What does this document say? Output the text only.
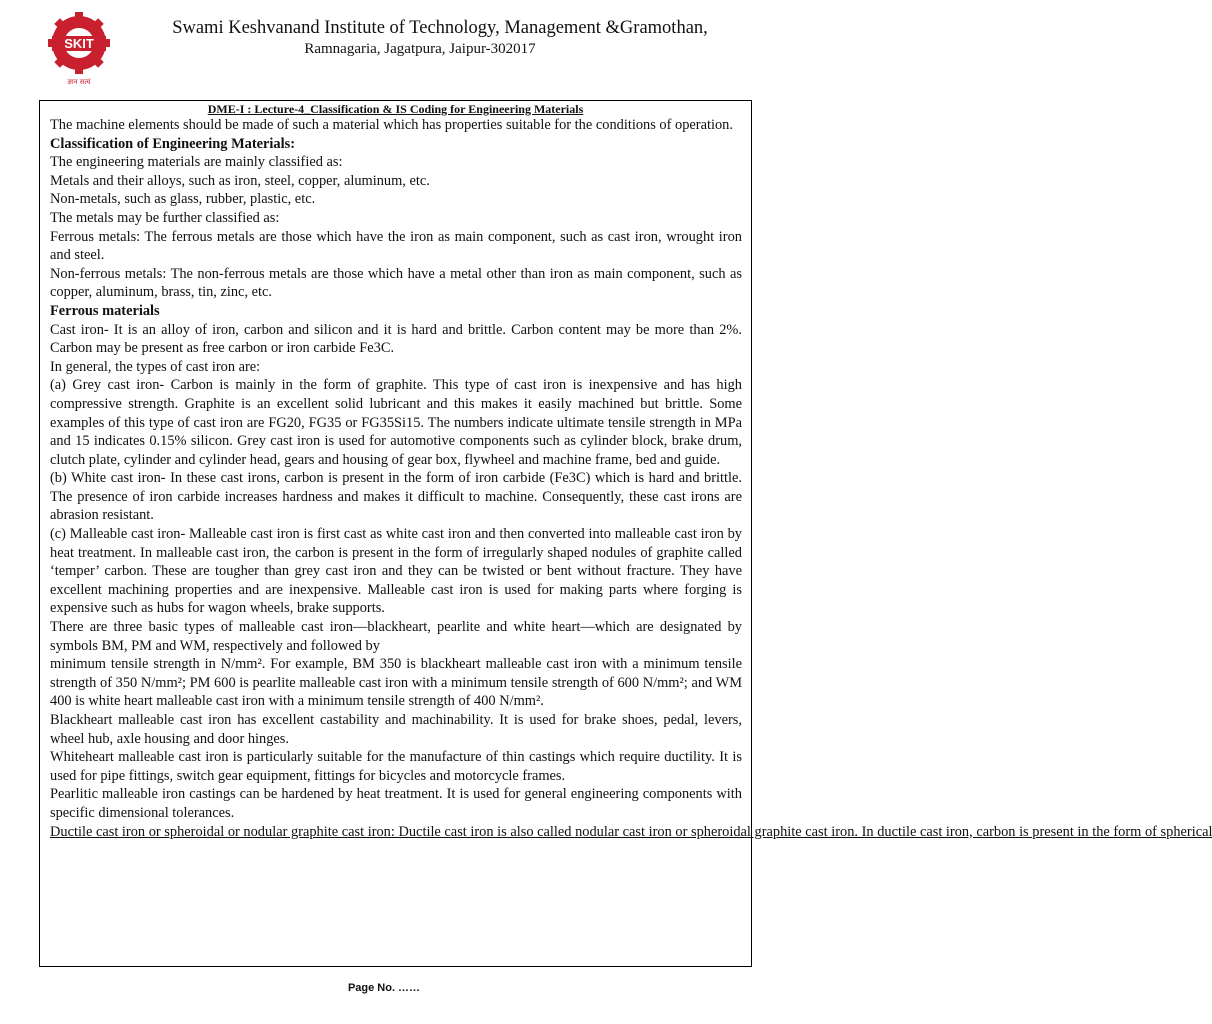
SKIT
ज्ञान सत्यं
Swami Keshvanand Institute of Technology, Management &Gramothan,
Ramnagaria, Jagatpura, Jaipur-302017
DME-I : Lecture-4_Classification & IS Coding for Engineering Materials

The machine elements should be made of such a material which has properties suitable for the conditions of operation.

Classification of Engineering Materials:

The engineering materials are mainly classified as:

Metals and their alloys, such as iron, steel, copper, aluminum, etc.

Non-metals, such as glass, rubber, plastic, etc.

The metals may be further classified as:

Ferrous metals: The ferrous metals are those which have the iron as main component, such as cast iron, wrought iron and steel.

Non-ferrous metals: The non-ferrous metals are those which have a metal other than iron as main component, such as copper, aluminum, brass, tin, zinc, etc.

Ferrous materials

Cast iron- It is an alloy of iron, carbon and silicon and it is hard and brittle. Carbon content may be more than 2%. Carbon may be present as free carbon or iron carbide Fe3C.

In general, the types of cast iron are:

(a) Grey cast iron- Carbon is mainly in the form of graphite. This type of cast iron is inexpensive and has high compressive strength. Graphite is an excellent solid lubricant and this makes it easily machined but brittle. Some examples of this type of cast iron are FG20, FG35 or FG35Si15. The numbers indicate ultimate tensile strength in MPa and 15 indicates 0.15% silicon. Grey cast iron is used for automotive components such as cylinder block, brake drum, clutch plate, cylinder and cylinder head, gears and housing of gear box, flywheel and machine frame, bed and guide.

(b) White cast iron- In these cast irons, carbon is present in the form of iron carbide (Fe3C) which is hard and brittle. The presence of iron carbide increases hardness and makes it difficult to machine. Consequently, these cast irons are abrasion resistant.

(c) Malleable cast iron- Malleable cast iron is first cast as white cast iron and then converted into malleable cast iron by heat treatment. In malleable cast iron, the carbon is present in the form of irregularly shaped nodules of graphite called ‘temper’ carbon. These are tougher than grey cast iron and they can be twisted or bent without fracture. They have excellent machining properties and are inexpensive. Malleable cast iron is used for making parts where forging is expensive such as hubs for wagon wheels, brake supports.

There are three basic types of malleable cast iron—blackheart, pearlite and white heart—which are designated by symbols BM, PM and WM, respectively and followed by

minimum tensile strength in N/mm². For example, BM 350 is blackheart malleable cast iron with a minimum tensile strength of 350 N/mm²; PM 600 is pearlite malleable cast iron with a minimum tensile strength of 600 N/mm²; and WM 400 is white heart malleable cast iron with a minimum tensile strength of 400 N/mm².

Blackheart malleable cast iron has excellent castability and machinability. It is used for brake shoes, pedal, levers, wheel hub, axle housing and door hinges.

Whiteheart malleable cast iron is particularly suitable for the manufacture of thin castings which require ductility. It is used for pipe fittings, switch gear equipment, fittings for bicycles and motorcycle frames.

Pearlitic malleable iron castings can be hardened by heat treatment. It is used for general engineering components with specific dimensional tolerances.

Ductile cast iron or spheroidal or nodular graphite cast iron: Ductile cast iron is also called nodular cast iron or spheroidal graphite cast iron. In ductile cast iron, carbon is present in the form of spherical

Page No. ……
